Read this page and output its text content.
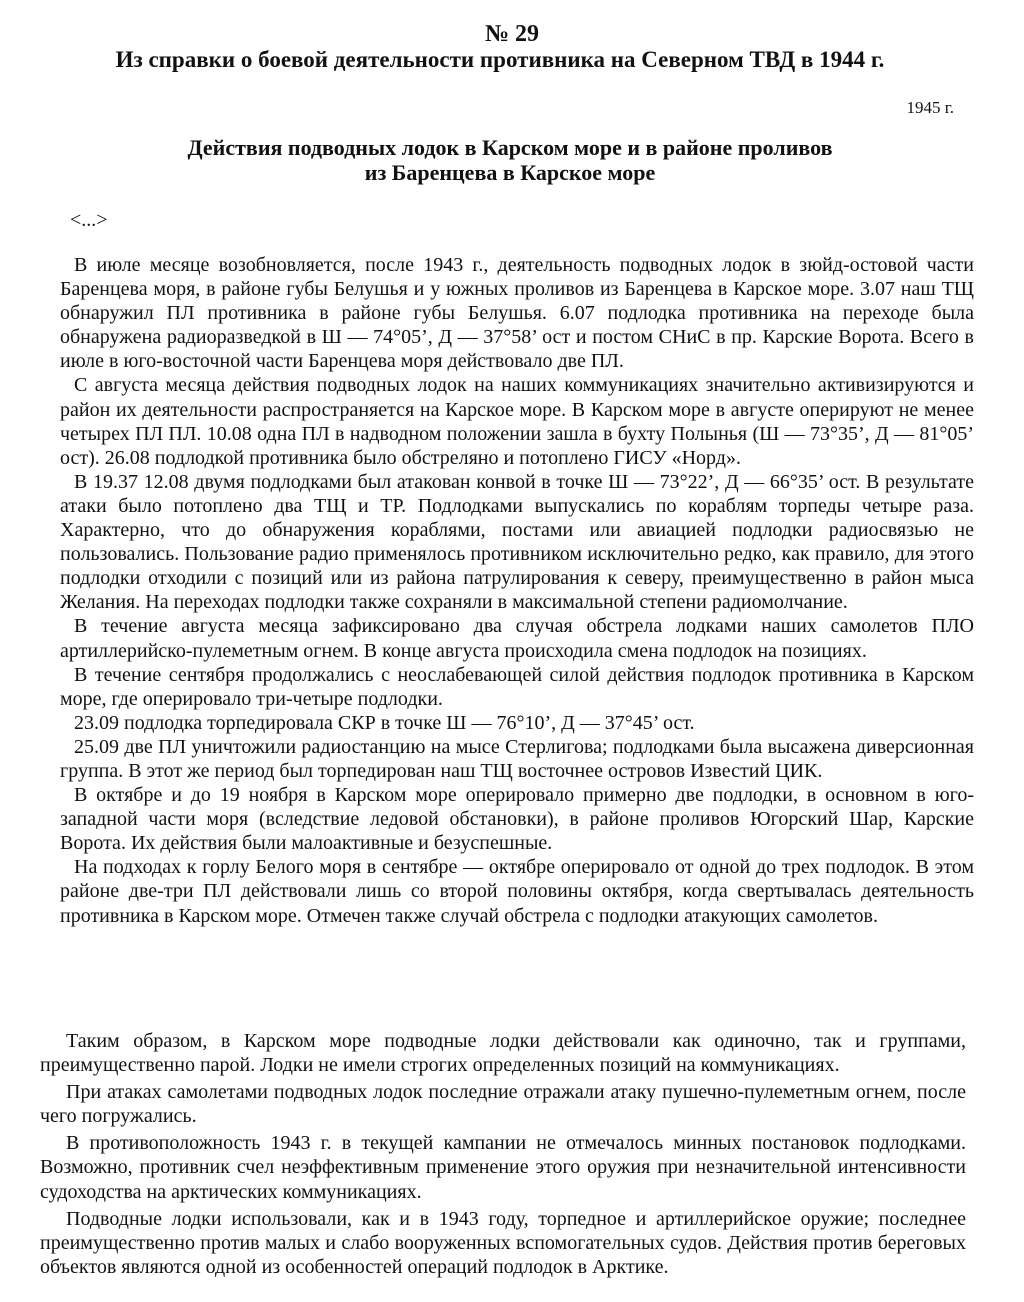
№ 29
Из справки о боевой деятельности противника на Северном ТВД в 1944 г.
1945 г.
Действия подводных лодок в Карском море и в районе проливов
из Баренцева в Карское море
<...>

В июле месяце возобновляется, после 1943 г., деятельность подводных лодок в зюйд-остовой части Баренцева моря, в районе губы Белушья и у южных проливов из Баренцева в Карское море. 3.07 наш ТЩ обнаружил ПЛ противника в районе губы Белушья. 6.07 подлодка противника на переходе была обнаружена радиоразведкой в Ш — 74°05’, Д — 37°58’ ост и постом СНиС в пр. Карские Ворота. Всего в июле в юго-восточной части Баренцева моря действовало две ПЛ.

С августа месяца действия подводных лодок на наших коммуникациях значительно активизируются и район их деятельности распространяется на Карское море. В Карском море в августе оперируют не менее четырех ПЛ ПЛ. 10.08 одна ПЛ в надводном положении зашла в бухту Полынья (Ш — 73°35’, Д — 81°05’ ост). 26.08 подлодкой противника было обстреляно и потоплено ГИСУ «Норд».

В 19.37 12.08 двумя подлодками был атакован конвой в точке Ш — 73°22’, Д — 66°35’ ост. В результате атаки было потоплено два ТЩ и ТР. Подлодками выпускались по кораблям торпеды четыре раза. Характерно, что до обнаружения кораблями, постами или авиацией подлодки радиосвязью не пользовались. Пользование радио применялось противником исключительно редко, как правило, для этого подлодки отходили с позиций или из района патрулирования к северу, преимущественно в район мыса Желания. На переходах подлодки также сохраняли в максимальной степени радиомолчание.

В течение августа месяца зафиксировано два случая обстрела лодками наших самолетов ПЛО артиллерийско-пулеметным огнем. В конце августа происходила смена подлодок на позициях.

В течение сентября продолжались с неослабевающей силой действия подлодок противника в Карском море, где оперировало три-четыре подлодки.

23.09 подлодка торпедировала СКР в точке Ш — 76°10’, Д — 37°45’ ост.

25.09 две ПЛ уничтожили радиостанцию на мысе Стерлигова; подлодками была высажена диверсионная группа. В этот же период был торпедирован наш ТЩ восточнее островов Известий ЦИК.

В октябре и до 19 ноября в Карском море оперировало примерно две подлодки, в основном в юго-западной части моря (вследствие ледовой обстановки), в районе проливов Югорский Шар, Карские Ворота. Их действия были малоактивные и безуспешные.

На подходах к горлу Белого моря в сентябре — октябре оперировало от одной до трех подлодок. В этом районе две-три ПЛ действовали лишь со второй половины октября, когда свертывалась деятельность противника в Карском море. Отмечен также случай обстрела с подлодки атакующих самолетов.

Таким образом, в Карском море подводные лодки действовали как одиночно, так и группами, преимущественно парой. Лодки не имели строгих определенных позиций на коммуникациях.

При атаках самолетами подводных лодок последние отражали атаку пушечно-пулеметным огнем, после чего погружались.

В противоположность 1943 г. в текущей кампании не отмечалось минных постановок подлодками. Возможно, противник счел неэффективным применение этого оружия при незначительной интенсивности судоходства на арктических коммуникациях.

Подводные лодки использовали, как и в 1943 году, торпедное и артиллерийское оружие; последнее преимущественно против малых и слабо вооруженных вспомогательных судов. Действия против береговых объектов являются одной из особенностей операций подлодок в Арктике.
